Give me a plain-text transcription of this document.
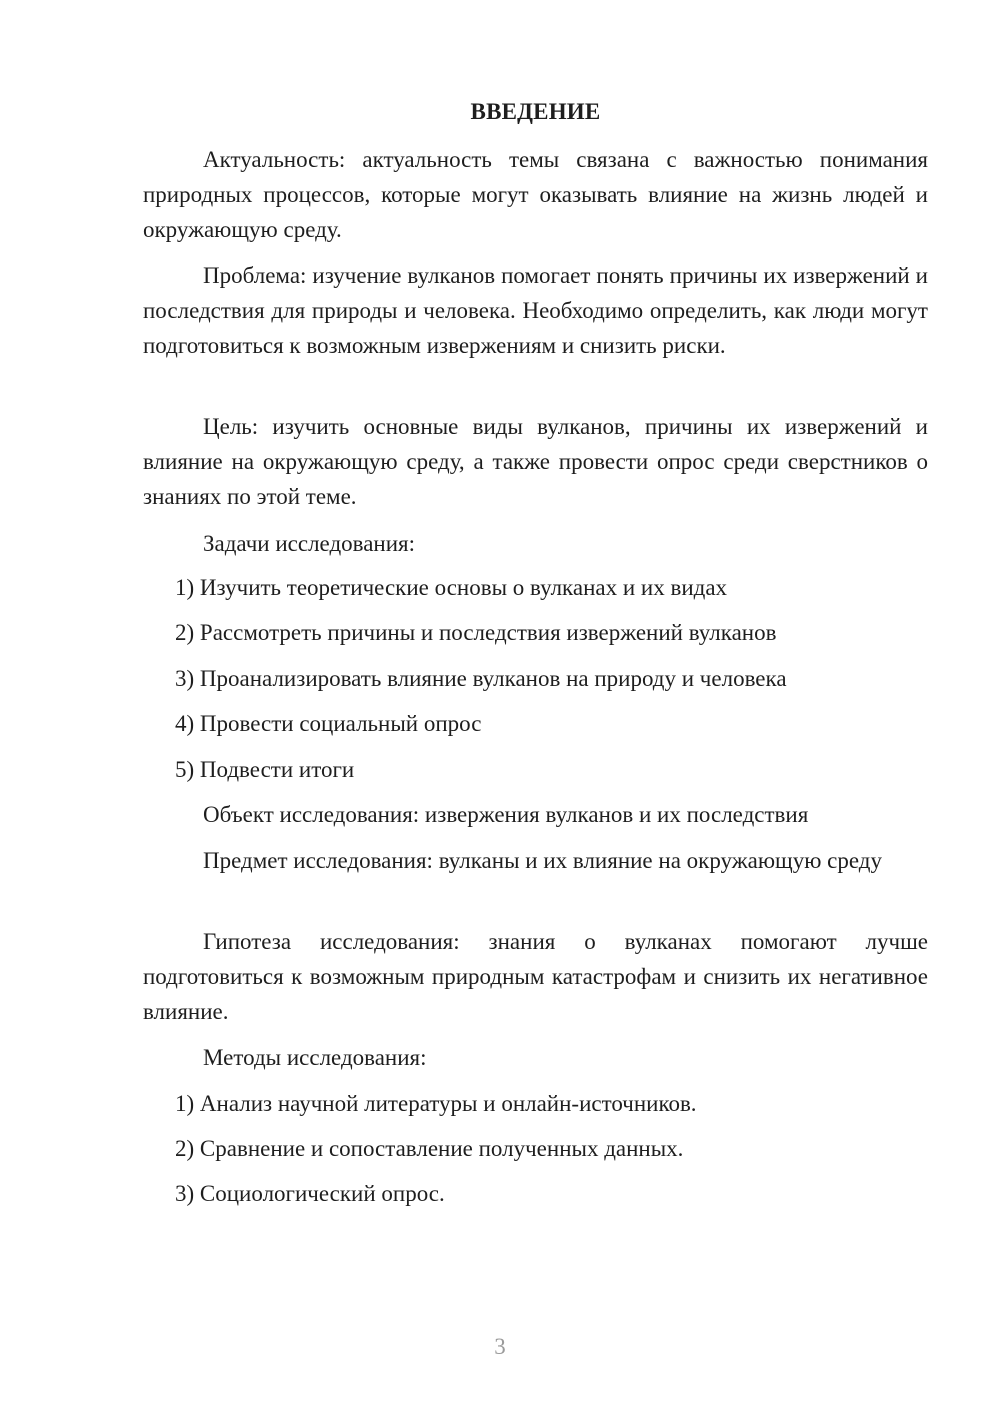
ВВЕДЕНИЕ

Актуальность: актуальность темы связана с важностью понимания природных процессов, которые могут оказывать влияние на жизнь людей и окружающую среду.

Проблема: изучение вулканов помогает понять причины их извержений и последствия для природы и человека. Необходимо определить, как люди могут подготовиться к возможным извержениям и снизить риски.

Цель: изучить основные виды вулканов, причины их извержений и влияние на окружающую среду, а также провести опрос среди сверстников о знаниях по этой теме.

Задачи исследования:

1) Изучить теоретические основы о вулканах и их видах

2) Рассмотреть причины и последствия извержений вулканов

3) Проанализировать влияние вулканов на природу и человека

4) Провести социальный опрос

5) Подвести итоги

Объект исследования: извержения вулканов и их последствия

Предмет исследования: вулканы и их влияние на окружающую среду

Гипотеза исследования: знания о вулканах помогают лучше подготовиться к возможным природным катастрофам и снизить их негативное влияние.

Методы исследования:

1) Анализ научной литературы и онлайн-источников.

2) Сравнение и сопоставление полученных данных.

3) Социологический опрос.

3
